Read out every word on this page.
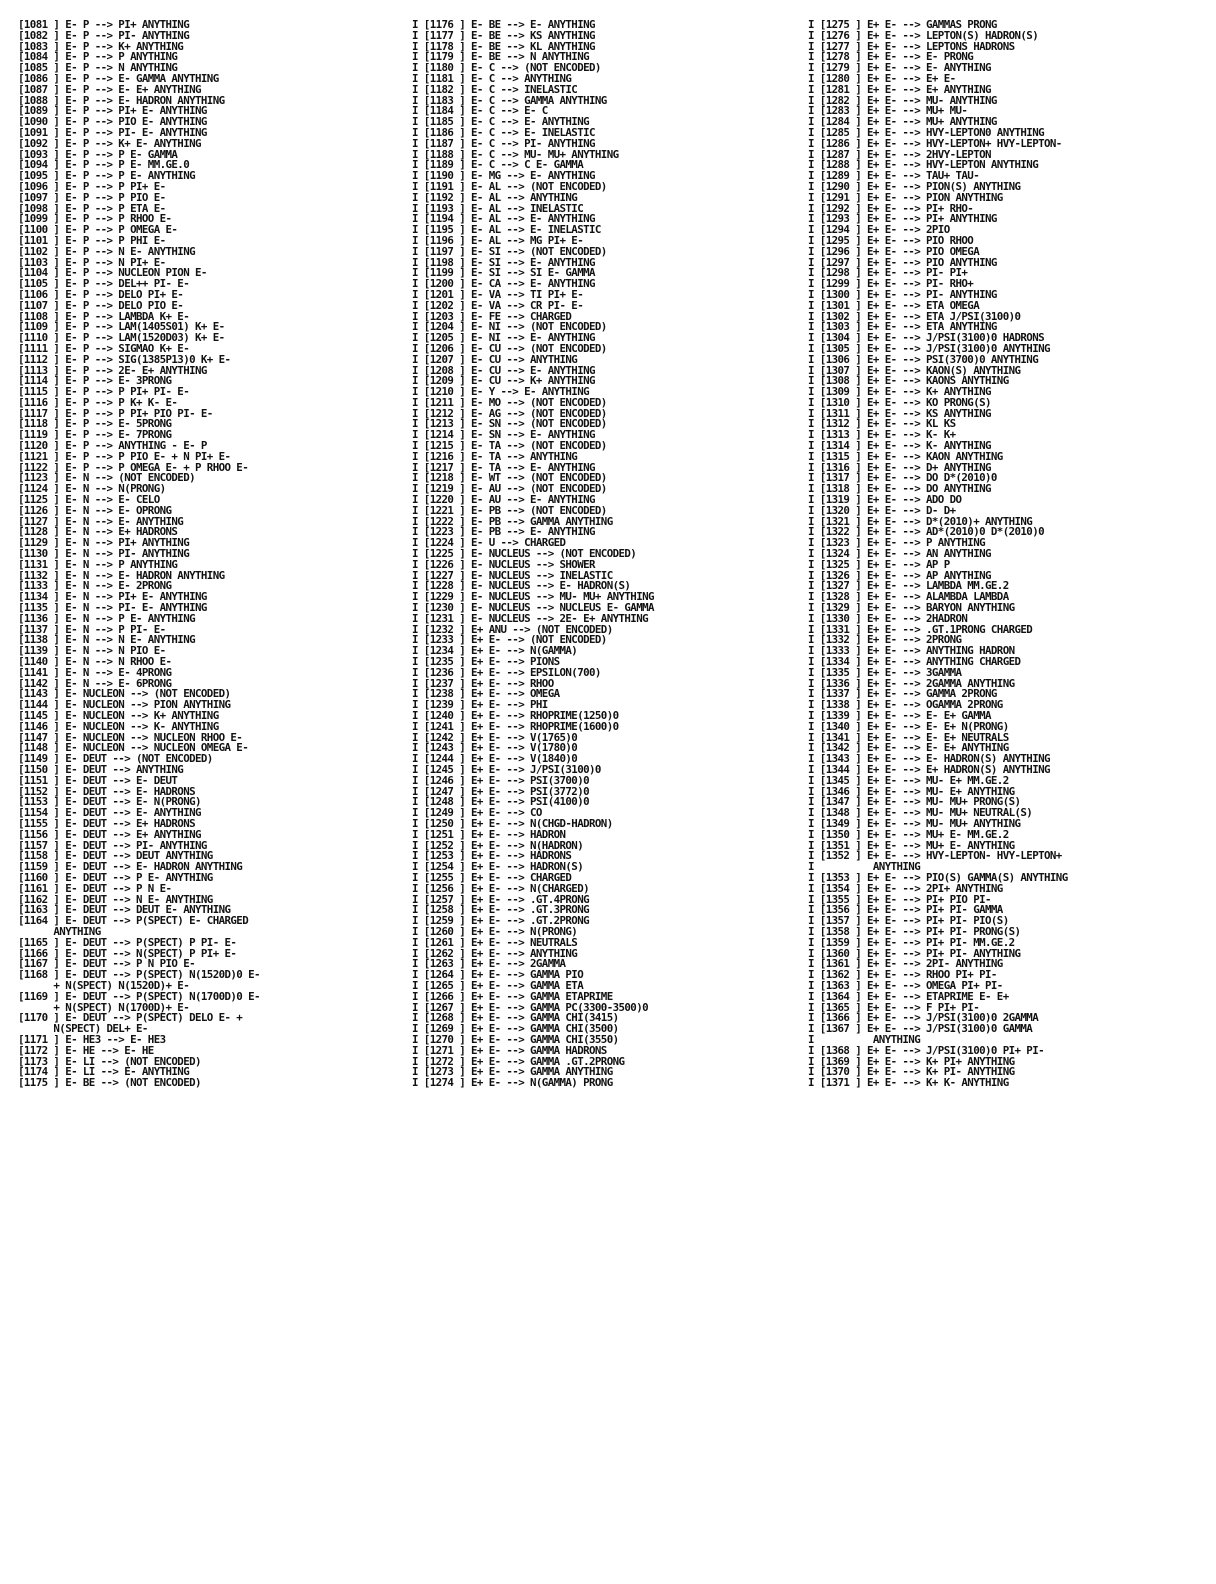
[1081 ] E- P --> PI+ ANYTHING
[1082 ] E- P --> PI- ANYTHING
[1083 ] E- P --> K+ ANYTHING
[1084 ] E- P --> P ANYTHING
[1085 ] E- P --> N ANYTHING
[1086 ] E- P --> E- GAMMA ANYTHING
[1087 ] E- P --> E- E+ ANYTHING
[1088 ] E- P --> E- HADRON ANYTHING
[1089 ] E- P --> PI+ E- ANYTHING
[1090 ] E- P --> PIO E- ANYTHING
[1091 ] E- P --> PI- E- ANYTHING
[1092 ] E- P --> K+ E- ANYTHING
[1093 ] E- P --> P E- GAMMA
[1094 ] E- P --> P E- MM.GE.0
[1095 ] E- P --> P E- ANYTHING
[1096 ] E- P --> P PI+ E-
[1097 ] E- P --> P PIO E-
[1098 ] E- P --> P ETA E-
[1099 ] E- P --> P RHOO E-
[1100 ] E- P --> P OMEGA E-
[1101 ] E- P --> P PHI E-
[1102 ] E- P --> N E- ANYTHING
[1103 ] E- P --> N PI+ E-
[1104 ] E- P --> NUCLEON PION E-
[1105 ] E- P --> DEL++ PI- E-
[1106 ] E- P --> DELO PI+ E-
[1107 ] E- P --> DELO PIO E-
[1108 ] E- P --> LAMBDA K+ E-
[1109 ] E- P --> LAM(1405S01) K+ E-
[1110 ] E- P --> LAM(1520D03) K+ E-
[1111 ] E- P --> SIGMAO K+ E-
[1112 ] E- P --> SIG(1385P13)0 K+ E-
[1113 ] E- P --> 2E- E+ ANYTHING
[1114 ] E- P --> E- 3PRONG
[1115 ] E- P --> P PI+ PI- E-
[1116 ] E- P --> P K+ K- E-
[1117 ] E- P --> P PI+ PIO PI- E-
[1118 ] E- P --> E- 5PRONG
[1119 ] E- P --> E- 7PRONG
[1120 ] E- P --> ANYTHING - E- P
[1121 ] E- P --> P PIO E- + N PI+ E-
[1122 ] E- P --> P OMEGA E- + P RHOO E-
[1123 ] E- N --> (NOT ENCODED)
[1124 ] E- N --> N(PRONG)
[1125 ] E- N --> E- CELO
[1126 ] E- N --> E- OPRONG
[1127 ] E- N --> E- ANYTHING
[1128 ] E- N --> E+ HADRONS
[1129 ] E- N --> PI+ ANYTHING
[1130 ] E- N --> PI- ANYTHING
[1131 ] E- N --> P ANYTHING
[1132 ] E- N --> E- HADRON ANYTHING
[1133 ] E- N --> E- 2PRONG
[1134 ] E- N --> PI+ E- ANYTHING
[1135 ] E- N --> PI- E- ANYTHING
[1136 ] E- N --> P E- ANYTHING
[1137 ] E- N --> P PI- E-
[1138 ] E- N --> N E- ANYTHING
[1139 ] E- N --> N PIO E-
[1140 ] E- N --> N RHOO E-
[1141 ] E- N --> E- 4PRONG
[1142 ] E- N --> E- 6PRONG
[1143 ] E- NUCLEON --> (NOT ENCODED)
[1144 ] E- NUCLEON --> PION ANYTHING
[1145 ] E- NUCLEON --> K+ ANYTHING
[1146 ] E- NUCLEON --> K- ANYTHING
[1147 ] E- NUCLEON --> NUCLEON RHOO E-
[1148 ] E- NUCLEON --> NUCLEON OMEGA E-
[1149 ] E- DEUT --> (NOT ENCODED)
[1150 ] E- DEUT --> ANYTHING
[1151 ] E- DEUT --> E- DEUT
[1152 ] E- DEUT --> E- HADRONS
[1153 ] E- DEUT --> E- N(PRONG)
[1154 ] E- DEUT --> E- ANYTHING
[1155 ] E- DEUT --> E+ HADRONS
[1156 ] E- DEUT --> E+ ANYTHING
[1157 ] E- DEUT --> PI- ANYTHING
[1158 ] E- DEUT --> DEUT ANYTHING
[1159 ] E- DEUT --> E- HADRON ANYTHING
[1160 ] E- DEUT --> P E- ANYTHING
[1161 ] E- DEUT --> P N E-
[1162 ] E- DEUT --> N E- ANYTHING
[1163 ] E- DEUT --> DEUT E- ANYTHING
[1164 ] E- DEUT --> P(SPECT) E- CHARGED
ANYTHING
[1165 ] E- DEUT --> P(SPECT) P PI- E-
[1166 ] E- DEUT --> N(SPECT) P PI+ E-
[1167 ] E- DEUT --> P N PIO E-
[1168 ] E- DEUT --> P(SPECT) N(1520D)0 E-
+ N(SPECT) N(1520D)+ E-
[1169 ] E- DEUT --> P(SPECT) N(1700D)0 E-
+ N(SPECT) N(1700D)+ E-
[1170 ] E- DEUT --> P(SPECT) DELO E- +
N(SPECT) DEL+ E-
[1171 ] E- HE3 --> E- HE3
[1172 ] E- HE --> E- HE
[1173 ] E- LI --> (NOT ENCODED)
[1174 ] E- LI --> E- ANYTHING
[1175 ] E- BE --> (NOT ENCODED)
I [1176 ] E- BE --> E- ANYTHING
I [1177 ] E- BE --> KS ANYTHING
I [1178 ] E- BE --> KL ANYTHING
I [1179 ] E- BE --> N ANYTHING
I [1180 ] E- C --> (NOT ENCODED)
I [1181 ] E- C --> ANYTHING
I [1182 ] E- C --> INELASTIC
I [1183 ] E- C --> GAMMA ANYTHING
I [1184 ] E- C --> E- C
I [1185 ] E- C --> E- ANYTHING
I [1186 ] E- C --> E- INELASTIC
I [1187 ] E- C --> PI- ANYTHING
I [1188 ] E- C --> MU- MU+ ANYTHING
I [1189 ] E- C --> C E- GAMMA
I [1190 ] E- MG --> E- ANYTHING
I [1191 ] E- AL --> (NOT ENCODED)
I [1192 ] E- AL --> ANYTHING
I [1193 ] E- AL --> INELASTIC
I [1194 ] E- AL --> E- ANYTHING
I [1195 ] E- AL --> E- INELASTIC
I [1196 ] E- AL --> MG PI+ E-
I [1197 ] E- SI --> (NOT ENCODED)
I [1198 ] E- SI --> E- ANYTHING
I [1199 ] E- SI --> SI E- GAMMA
I [1200 ] E- CA --> E- ANYTHING
I [1201 ] E- VA --> TI PI+ E-
I [1202 ] E- VA --> CR PI- E-
I [1203 ] E- FE --> CHARGED
I [1204 ] E- NI --> (NOT ENCODED)
I [1205 ] E- NI --> E- ANYTHING
I [1206 ] E- CU --> (NOT ENCODED)
I [1207 ] E- CU --> ANYTHING
I [1208 ] E- CU --> E- ANYTHING
I [1209 ] E- CU --> K+ ANYTHING
I [1210 ] E- Y --> E- ANYTHING
I [1211 ] E- MO --> (NOT ENCODED)
I [1212 ] E- AG --> (NOT ENCODED)
I [1213 ] E- SN --> (NOT ENCODED)
I [1214 ] E- SN --> E- ANYTHING
I [1215 ] E- TA --> (NOT ENCODED)
I [1216 ] E- TA --> ANYTHING
I [1217 ] E- TA --> E- ANYTHING
I [1218 ] E- WT --> (NOT ENCODED)
I [1219 ] E- AU --> (NOT ENCODED)
I [1220 ] E- AU --> E- ANYTHING
I [1221 ] E- PB --> (NOT ENCODED)
I [1222 ] E- PB --> GAMMA ANYTHING
I [1223 ] E- PB --> E- ANYTHING
I [1224 ] E- U --> CHARGED
I [1225 ] E- NUCLEUS --> (NOT ENCODED)
I [1226 ] E- NUCLEUS --> SHOWER
I [1227 ] E- NUCLEUS --> INELASTIC
I [1228 ] E- NUCLEUS --> E- HADRON(S)
I [1229 ] E- NUCLEUS --> MU- MU+ ANYTHING
I [1230 ] E- NUCLEUS --> NUCLEUS E- GAMMA
I [1231 ] E- NUCLEUS --> 2E- E+ ANYTHING
I [1232 ] E+ ANU --> (NOT ENCODED)
I [1233 ] E+ E- --> (NOT ENCODED)
I [1234 ] E+ E- --> N(GAMMA)
I [1235 ] E+ E- --> PIONS
I [1236 ] E+ E- --> EPSILON(700)
I [1237 ] E+ E- --> RHOO
I [1238 ] E+ E- --> OMEGA
I [1239 ] E+ E- --> PHI
I [1240 ] E+ E- --> RHOPRIME(1250)0
I [1241 ] E+ E- --> RHOPRIME(1600)0
I [1242 ] E+ E- --> V(1765)0
I [1243 ] E+ E- --> V(1780)0
I [1244 ] E+ E- --> V(1840)0
I [1245 ] E+ E- --> J/PSI(3100)0
I [1246 ] E+ E- --> PSI(3700)0
I [1247 ] E+ E- --> PSI(3772)0
I [1248 ] E+ E- --> PSI(4100)0
I [1249 ] E+ E- --> CO
I [1250 ] E+ E- --> N(CHGD-HADRON)
I [1251 ] E+ E- --> HADRON
I [1252 ] E+ E- --> N(HADRON)
I [1253 ] E+ E- --> HADRONS
I [1254 ] E+ E- --> HADRON(S)
I [1255 ] E+ E- --> CHARGED
I [1256 ] E+ E- --> N(CHARGED)
I [1257 ] E+ E- --> .GT.4PRONG
I [1258 ] E+ E- --> .GT.3PRONG
I [1259 ] E+ E- --> .GT.2PRONG
I [1260 ] E+ E- --> N(PRONG)
I [1261 ] E+ E- --> NEUTRALS
I [1262 ] E+ E- --> ANYTHING
I [1263 ] E+ E- --> 2GAMMA
I [1264 ] E+ E- --> GAMMA PIO
I [1265 ] E+ E- --> GAMMA ETA
I [1266 ] E+ E- --> GAMMA ETAPRIME
I [1267 ] E+ E- --> GAMMA PC(3300-3500)0
I [1268 ] E+ E- --> GAMMA CHI(3415)
I [1269 ] E+ E- --> GAMMA CHI(3500)
I [1270 ] E+ E- --> GAMMA CHI(3550)
I [1271 ] E+ E- --> GAMMA HADRONS
I [1272 ] E+ E- --> GAMMA .GT.2PRONG
I [1273 ] E+ E- --> GAMMA ANYTHING
I [1274 ] E+ E- --> N(GAMMA) PRONG
I [1275 ] E+ E- --> GAMMAS PRONG
I [1276 ] E+ E- --> LEPTON(S) HADRON(S)
I [1277 ] E+ E- --> LEPTONS HADRONS
I [1278 ] E+ E- --> E- PRONG
I [1279 ] E+ E- --> E- ANYTHING
I [1280 ] E+ E- --> E+ E-
I [1281 ] E+ E- --> E+ ANYTHING
I [1282 ] E+ E- --> MU- ANYTHING
I [1283 ] E+ E- --> MU+ MU-
I [1284 ] E+ E- --> MU+ ANYTHING
I [1285 ] E+ E- --> HVY-LEPTON0 ANYTHING
I [1286 ] E+ E- --> HVY-LEPTON+ HVY-LEPTON-
I [1287 ] E+ E- --> 2HVY-LEPTON
I [1288 ] E+ E- --> HVY-LEPTON ANYTHING
I [1289 ] E+ E- --> TAU+ TAU-
I [1290 ] E+ E- --> PION(S) ANYTHING
I [1291 ] E+ E- --> PION ANYTHING
I [1292 ] E+ E- --> PI+ RHO-
I [1293 ] E+ E- --> PI+ ANYTHING
I [1294 ] E+ E- --> 2PIO
I [1295 ] E+ E- --> PIO RHOO
I [1296 ] E+ E- --> PIO OMEGA
I [1297 ] E+ E- --> PIO ANYTHING
I [1298 ] E+ E- --> PI- PI+
I [1299 ] E+ E- --> PI- RHO+
I [1300 ] E+ E- --> PI- ANYTHING
I [1301 ] E+ E- --> ETA OMEGA
I [1302 ] E+ E- --> ETA J/PSI(3100)0
I [1303 ] E+ E- --> ETA ANYTHING
I [1304 ] E+ E- --> J/PSI(3100)0 HADRONS
I [1305 ] E+ E- --> J/PSI(3100)0 ANYTHING
I [1306 ] E+ E- --> PSI(3700)0 ANYTHING
I [1307 ] E+ E- --> KAON(S) ANYTHING
I [1308 ] E+ E- --> KAONS ANYTHING
I [1309 ] E+ E- --> K+ ANYTHING
I [1310 ] E+ E- --> KO PRONG(S)
I [1311 ] E+ E- --> KS ANYTHING
I [1312 ] E+ E- --> KL KS
I [1313 ] E+ E- --> K- K+
I [1314 ] E+ E- --> K- ANYTHING
I [1315 ] E+ E- --> KAON ANYTHING
I [1316 ] E+ E- --> D+ ANYTHING
I [1317 ] E+ E- --> DO D*(2010)0
I [1318 ] E+ E- --> DO ANYTHING
I [1319 ] E+ E- --> ADO DO
I [1320 ] E+ E- --> D- D+
I [1321 ] E+ E- --> D*(2010)+ ANYTHING
I [1322 ] E+ E- --> AD*(2010)0 D*(2010)0
I [1323 ] E+ E- --> P ANYTHING
I [1324 ] E+ E- --> AN ANYTHING
I [1325 ] E+ E- --> AP P
I [1326 ] E+ E- --> AP ANYTHING
I [1327 ] E+ E- --> LAMBDA MM.GE.2
I [1328 ] E+ E- --> ALAMBDA LAMBDA
I [1329 ] E+ E- --> BARYON ANYTHING
I [1330 ] E+ E- --> 2HADRON
I [1331 ] E+ E- --> .GT.1PRONG CHARGED
I [1332 ] E+ E- --> 2PRONG
I [1333 ] E+ E- --> ANYTHING HADRON
I [1334 ] E+ E- --> ANYTHING CHARGED
I [1335 ] E+ E- --> 3GAMMA
I [1336 ] E+ E- --> 2GAMMA ANYTHING
I [1337 ] E+ E- --> GAMMA 2PRONG
I [1338 ] E+ E- --> OGAMMA 2PRONG
I [1339 ] E+ E- --> E- E+ GAMMA
I [1340 ] E+ E- --> E- E+ N(PRONG)
I [1341 ] E+ E- --> E- E+ NEUTRALS
I [1342 ] E+ E- --> E- E+ ANYTHING
I [1343 ] E+ E- --> E- HADRON(S) ANYTHING
I [1344 ] E+ E- --> E+ HADRON(S) ANYTHING
I [1345 ] E+ E- --> MU- E+ MM.GE.2
I [1346 ] E+ E- --> MU- E+ ANYTHING
I [1347 ] E+ E- --> MU- MU+ PRONG(S)
I [1348 ] E+ E- --> MU- MU+ NEUTRAL(S)
I [1349 ] E+ E- --> MU- MU+ ANYTHING
I [1350 ] E+ E- --> MU+ E- MM.GE.2
I [1351 ] E+ E- --> MU+ E- ANYTHING
I [1352 ] E+ E- --> HVY-LEPTON- HVY-LEPTON+
I          ANYTHING
I [1353 ] E+ E- --> PIO(S) GAMMA(S) ANYTHING
I [1354 ] E+ E- --> 2PI+ ANYTHING
I [1355 ] E+ E- --> PI+ PIO PI-
I [1356 ] E+ E- --> PI+ PI- GAMMA
I [1357 ] E+ E- --> PI+ PI- PIO(S)
I [1358 ] E+ E- --> PI+ PI- PRONG(S)
I [1359 ] E+ E- --> PI+ PI- MM.GE.2
I [1360 ] E+ E- --> PI+ PI- ANYTHING
I [1361 ] E+ E- --> 2PI- ANYTHING
I [1362 ] E+ E- --> RHOO PI+ PI-
I [1363 ] E+ E- --> OMEGA PI+ PI-
I [1364 ] E+ E- --> ETAPRIME E- E+
I [1365 ] E+ E- --> F PI+ PI-
I [1366 ] E+ E- --> J/PSI(3100)0 2GAMMA
I [1367 ] E+ E- --> J/PSI(3100)0 GAMMA
I          ANYTHING
I [1368 ] E+ E- --> J/PSI(3100)0 PI+ PI-
I [1369 ] E+ E- --> K+ PI+ ANYTHING
I [1370 ] E+ E- --> K+ PI- ANYTHING
I [1371 ] E+ E- --> K+ K- ANYTHING
